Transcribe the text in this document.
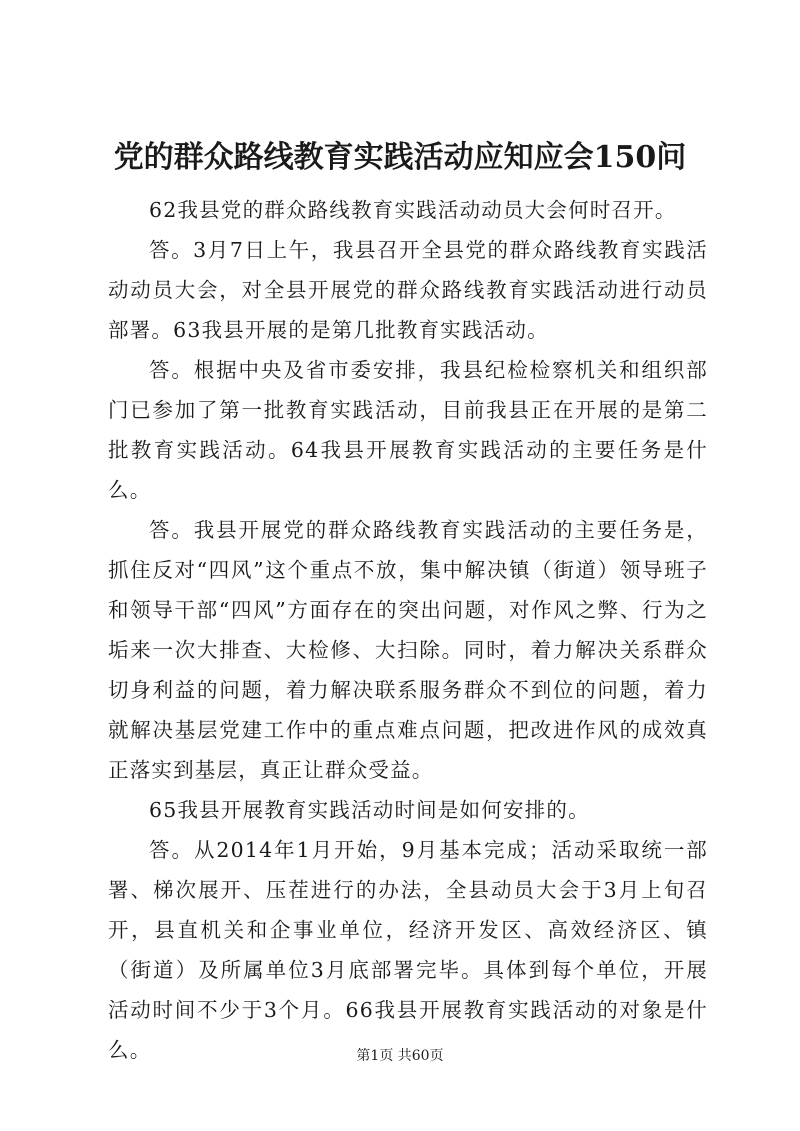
党的群众路线教育实践活动应知应会150问

62我县党的群众路线教育实践活动动员大会何时召开。

答。3月7日上午，我县召开全县党的群众路线教育实践活动动员大会，对全县开展党的群众路线教育实践活动进行动员部署。63我县开展的是第几批教育实践活动。

答。根据中央及省市委安排，我县纪检检察机关和组织部门已参加了第一批教育实践活动，目前我县正在开展的是第二批教育实践活动。64我县开展教育实践活动的主要任务是什么。

答。我县开展党的群众路线教育实践活动的主要任务是，抓住反对“四风”这个重点不放，集中解决镇（街道）领导班子和领导干部“四风”方面存在的突出问题，对作风之弊、行为之垢来一次大排查、大检修、大扫除。同时，着力解决关系群众切身利益的问题，着力解决联系服务群众不到位的问题，着力就解决基层党建工作中的重点难点问题，把改进作风的成效真正落实到基层，真正让群众受益。

65我县开展教育实践活动时间是如何安排的。

答。从2014年1月开始，9月基本完成；活动采取统一部署、梯次展开、压茬进行的办法，全县动员大会于3月上旬召开，县直机关和企事业单位，经济开发区、高效经济区、镇（街道）及所属单位3月底部署完毕。具体到每个单位，开展活动时间不少于3个月。66我县开展教育实践活动的对象是什么。	第1页 共60页
